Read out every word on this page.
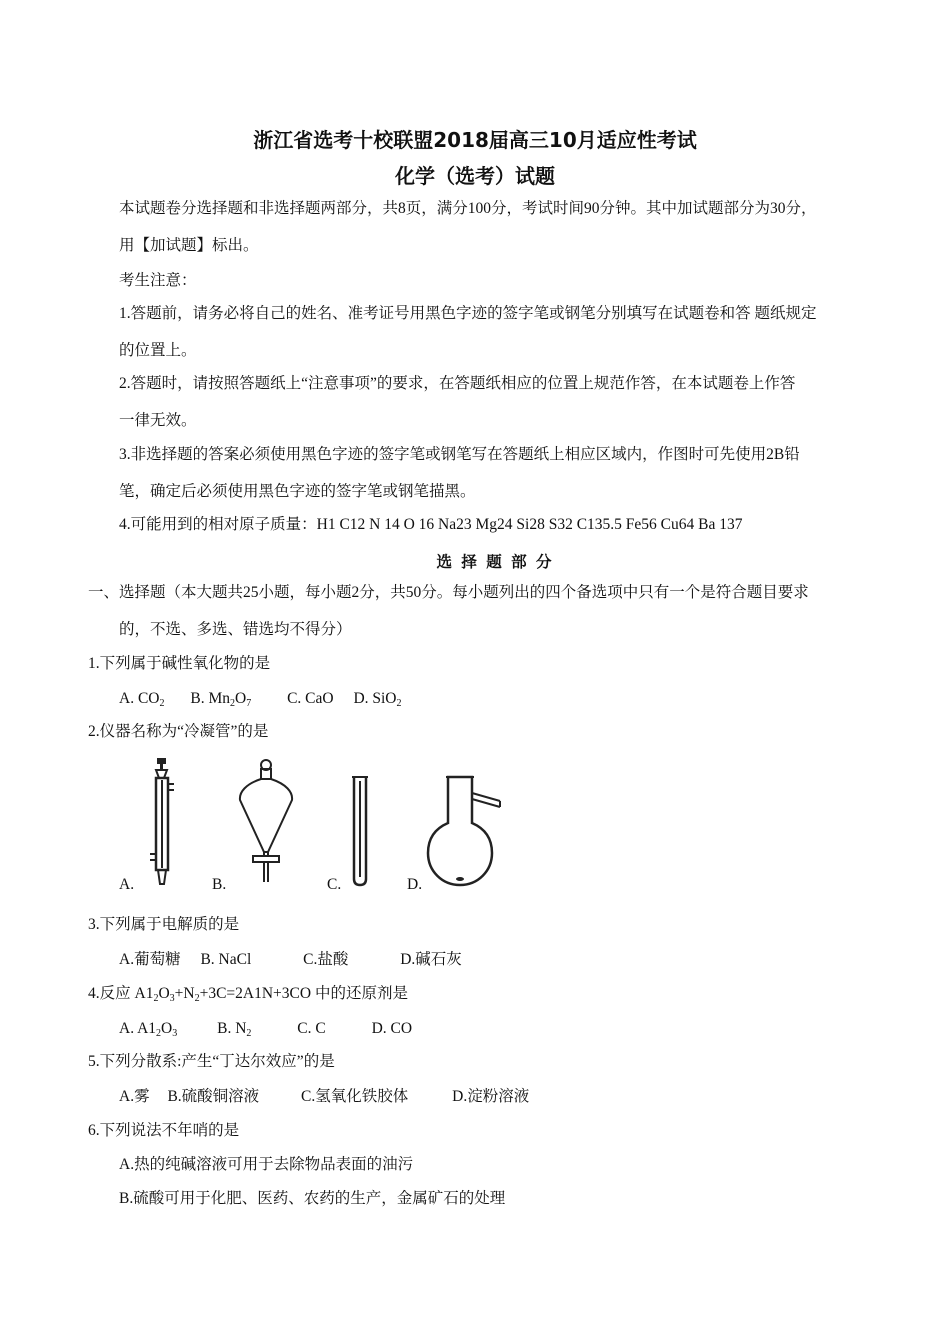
浙江省选考十校联盟2018届高三10月适应性考试
化学（选考）试题
本试题卷分选择题和非选择题两部分，共8页，满分100分，考试时间90分钟。其中加试题部分为30分，
用【加试题】标出。
考生注意：
1.答题前，请务必将自己的姓名、准考证号用黑色字迹的签字笔或钢笔分别填写在试题卷和答 题纸规定
的位置上。
2.答题时，请按照答题纸上“注意事项”的要求，在答题纸相应的位置上规范作答，在本试题卷上作答
一律无效。
3.非选择题的答案必须使用黑色字迹的签字笔或钢笔写在答题纸上相应区域内，作图时可先使用2B铅
笔，确定后必须使用黑色字迹的签字笔或钢笔描黑。
4.可能用到的相对原子质量：H1 C12 N 14 O 16 Na23 Mg24 Si28 S32 C135.5 Fe56 Cu64 Ba 137
选 择 题 部 分
一、选择题（本大题共25小题，每小题2分，共50分。每小题列出的四个备选项中只有一个是符合题目要求
的，不选、多选、错选均不得分）
1.下列属于碱性氧化物的是
A. $CO_2$ B. $Mn_2O_7$ C. CaO D. SiO$_2$
2.仪器名称为“冷凝管”的是
A.	B.	C.	D.
3.下列属于电解质的是
A.葡萄糖 B. NaCl	C.盐酸	D.碱石灰
4.反应 $A1_2O_3+N_2+3C=2A1N+3CO$ 中的还原剂是
A. $A1_2O_3$	B. $N_2$	C. C	D. CO
5.下列分散系:产生“丁达尔效应”的是
A.雾 B.硫酸铜溶液	C.氢氧化铁胶体	D.淀粉溶液
6.下列说法不年哨的是
A.热的纯碱溶液可用于去除物品表面的油污
B.硫酸可用于化肥、医药、农药的生产，金属矿石的处理
